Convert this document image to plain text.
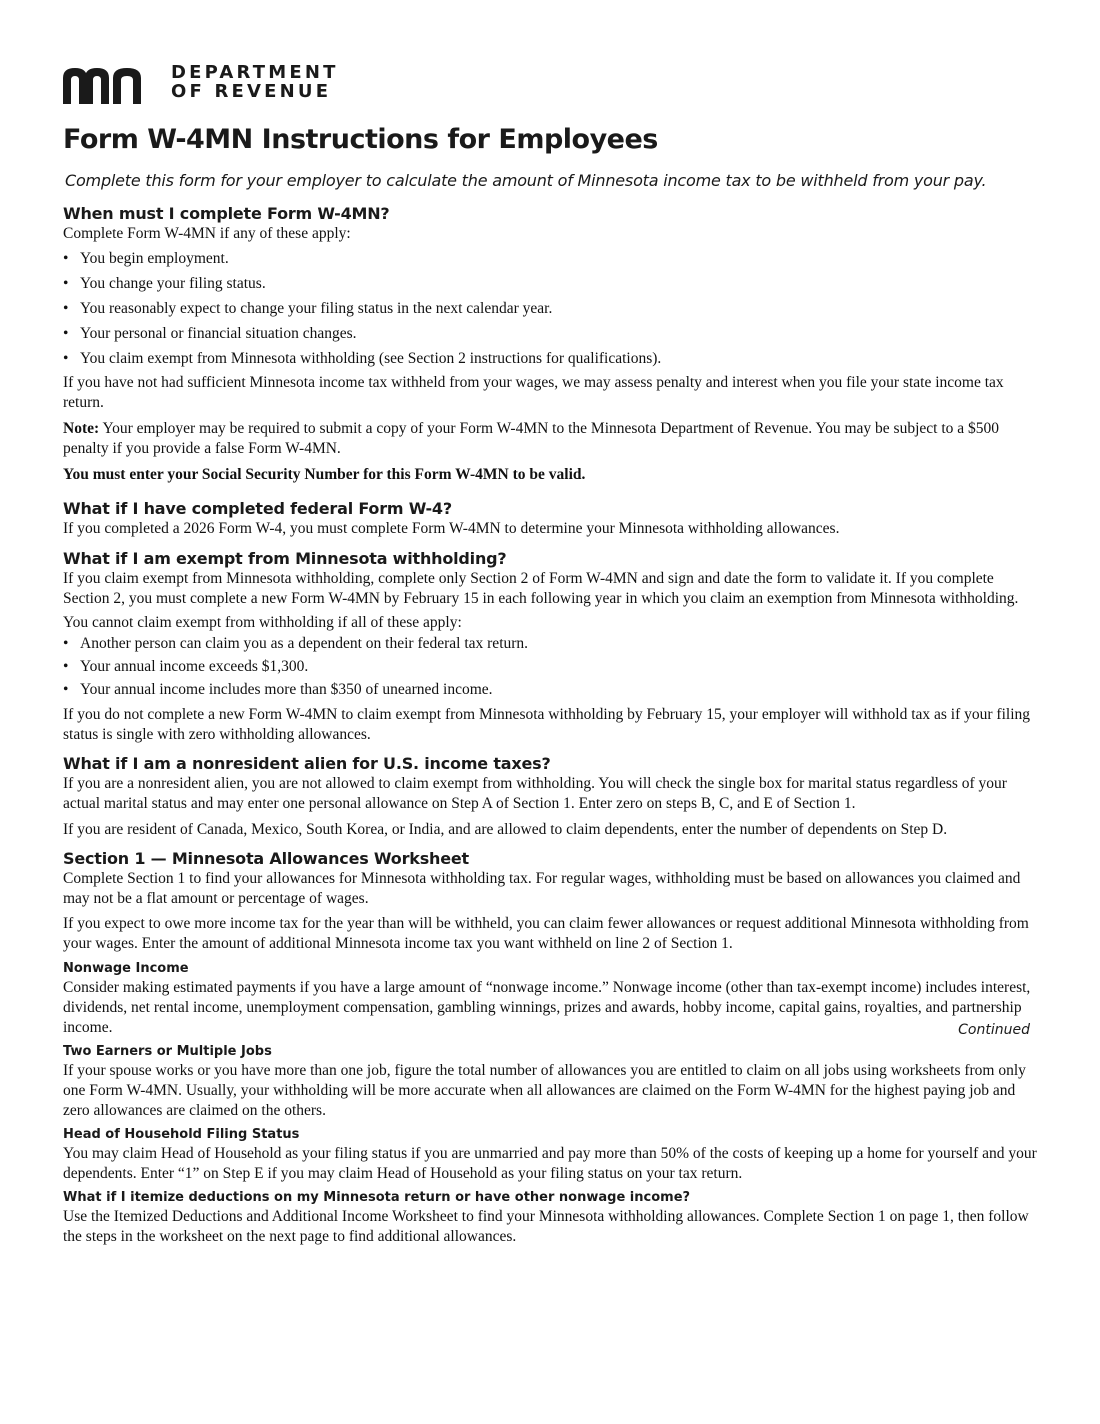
DEPARTMENT
OF REVENUE
Form W-4MN Instructions for Employees
Complete this form for your employer to calculate the amount of Minnesota income tax to be withheld from your pay.
When must I complete Form W-4MN?

Complete Form W-4MN if any of these apply:

• You begin employment.
• You change your filing status.
• You reasonably expect to change your filing status in the next calendar year.
• Your personal or financial situation changes.
• You claim exempt from Minnesota withholding (see Section 2 instructions for qualifications).

If you have not had sufficient Minnesota income tax withheld from your wages, we may assess penalty and interest when you file your state income tax return.

Note: Your employer may be required to submit a copy of your Form W-4MN to the Minnesota Department of Revenue. You may be subject to a $500 penalty if you provide a false Form W-4MN.

You must enter your Social Security Number for this Form W-4MN to be valid.

What if I have completed federal Form W-4?

If you completed a 2026 Form W-4, you must complete Form W-4MN to determine your Minnesota withholding allowances.

What if I am exempt from Minnesota withholding?

If you claim exempt from Minnesota withholding, complete only Section 2 of Form W-4MN and sign and date the form to validate it. If you complete Section 2, you must complete a new Form W-4MN by February 15 in each following year in which you claim an exemption from Minnesota withholding.

You cannot claim exempt from withholding if all of these apply:

• Another person can claim you as a dependent on their federal tax return.
• Your annual income exceeds $1,300.
• Your annual income includes more than $350 of unearned income.

If you do not complete a new Form W-4MN to claim exempt from Minnesota withholding by February 15, your employer will withhold tax as if your filing status is single with zero withholding allowances.

What if I am a nonresident alien for U.S. income taxes?

If you are a nonresident alien, you are not allowed to claim exempt from withholding. You will check the single box for marital status regardless of your actual marital status and may enter one personal allowance on Step A of Section 1. Enter zero on steps B, C, and E of Section 1.

If you are resident of Canada, Mexico, South Korea, or India, and are allowed to claim dependents, enter the number of dependents on Step D.

Section 1 — Minnesota Allowances Worksheet

Complete Section 1 to find your allowances for Minnesota withholding tax. For regular wages, withholding must be based on allowances you claimed and may not be a flat amount or percentage of wages.

If you expect to owe more income tax for the year than will be withheld, you can claim fewer allowances or request additional Minnesota withholding from your wages. Enter the amount of additional Minnesota income tax you want withheld on line 2 of Section 1.

Nonwage Income

Consider making estimated payments if you have a large amount of “nonwage income.” Nonwage income (other than tax-exempt income) includes interest, dividends, net rental income, unemployment compensation, gambling winnings, prizes and awards, hobby income, capital gains, royalties, and partnership income.

Two Earners or Multiple Jobs

If your spouse works or you have more than one job, figure the total number of allowances you are entitled to claim on all jobs using worksheets from only one Form W-4MN. Usually, your withholding will be more accurate when all allowances are claimed on the Form W-4MN for the highest paying job and zero allowances are claimed on the others.

Head of Household Filing Status

You may claim Head of Household as your filing status if you are unmarried and pay more than 50% of the costs of keeping up a home for yourself and your dependents. Enter “1” on Step E if you may claim Head of Household as your filing status on your tax return.

What if I itemize deductions on my Minnesota return or have other nonwage income?

Use the Itemized Deductions and Additional Income Worksheet to find your Minnesota withholding allowances. Complete Section 1 on page 1, then follow the steps in the worksheet on the next page to find additional allowances.

Continued
